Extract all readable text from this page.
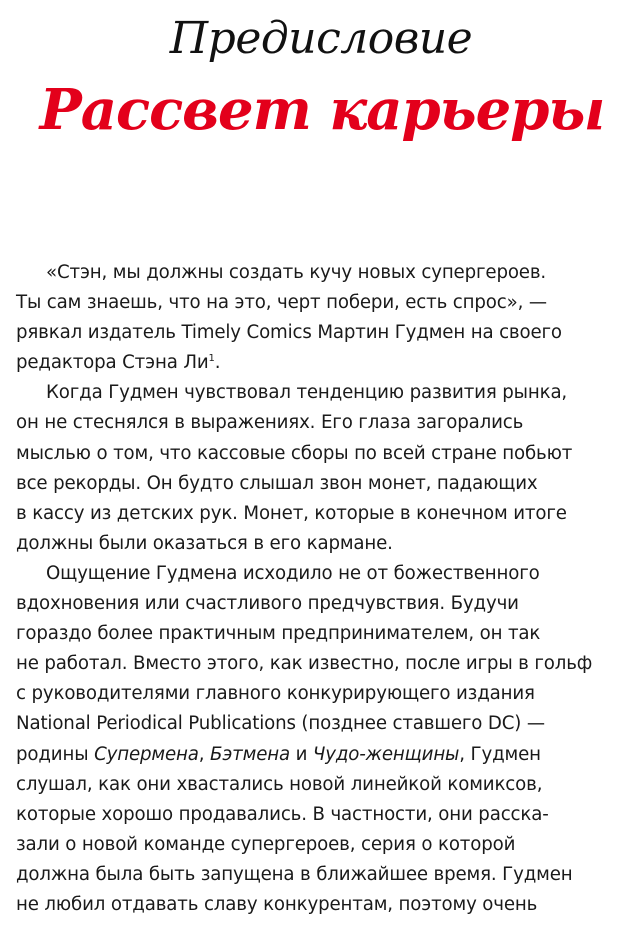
Предисловие
Рассвет карьеры
«Стэн, мы должны создать кучу новых супергероев.
Ты сам знаешь, что на это, черт побери, есть спрос», —
рявкал издатель Timely Comics Мартин Гудмен на своего
редактора Стэна Ли$^1$.
Когда Гудмен чувствовал тенденцию развития рынка,
он не стеснялся в выражениях. Его глаза загорались
мыслью о том, что кассовые сборы по всей стране побьют
все рекорды. Он будто слышал звон монет, падающих
в кассу из детских рук. Монет, которые в конечном итоге
должны были оказаться в его кармане.
Ощущение Гудмена исходило не от божественного
вдохновения или счастливого предчувствия. Будучи
гораздо более практичным предпринимателем, он так
не работал. Вместо этого, как известно, после игры в гольф
с руководителями главного конкурирующего издания
National Periodical Publications (позднее ставшего DC) —
родины Супермена, Бэтмена и Чудо-женщины, Гудмен
слушал, как они хвастались новой линейкой комиксов,
которые хорошо продавались. В частности, они расска-
зали о новой команде супергероев, серия о которой
должна была быть запущена в ближайшее время. Гудмен
не любил отдавать славу конкурентам, поэтому очень
